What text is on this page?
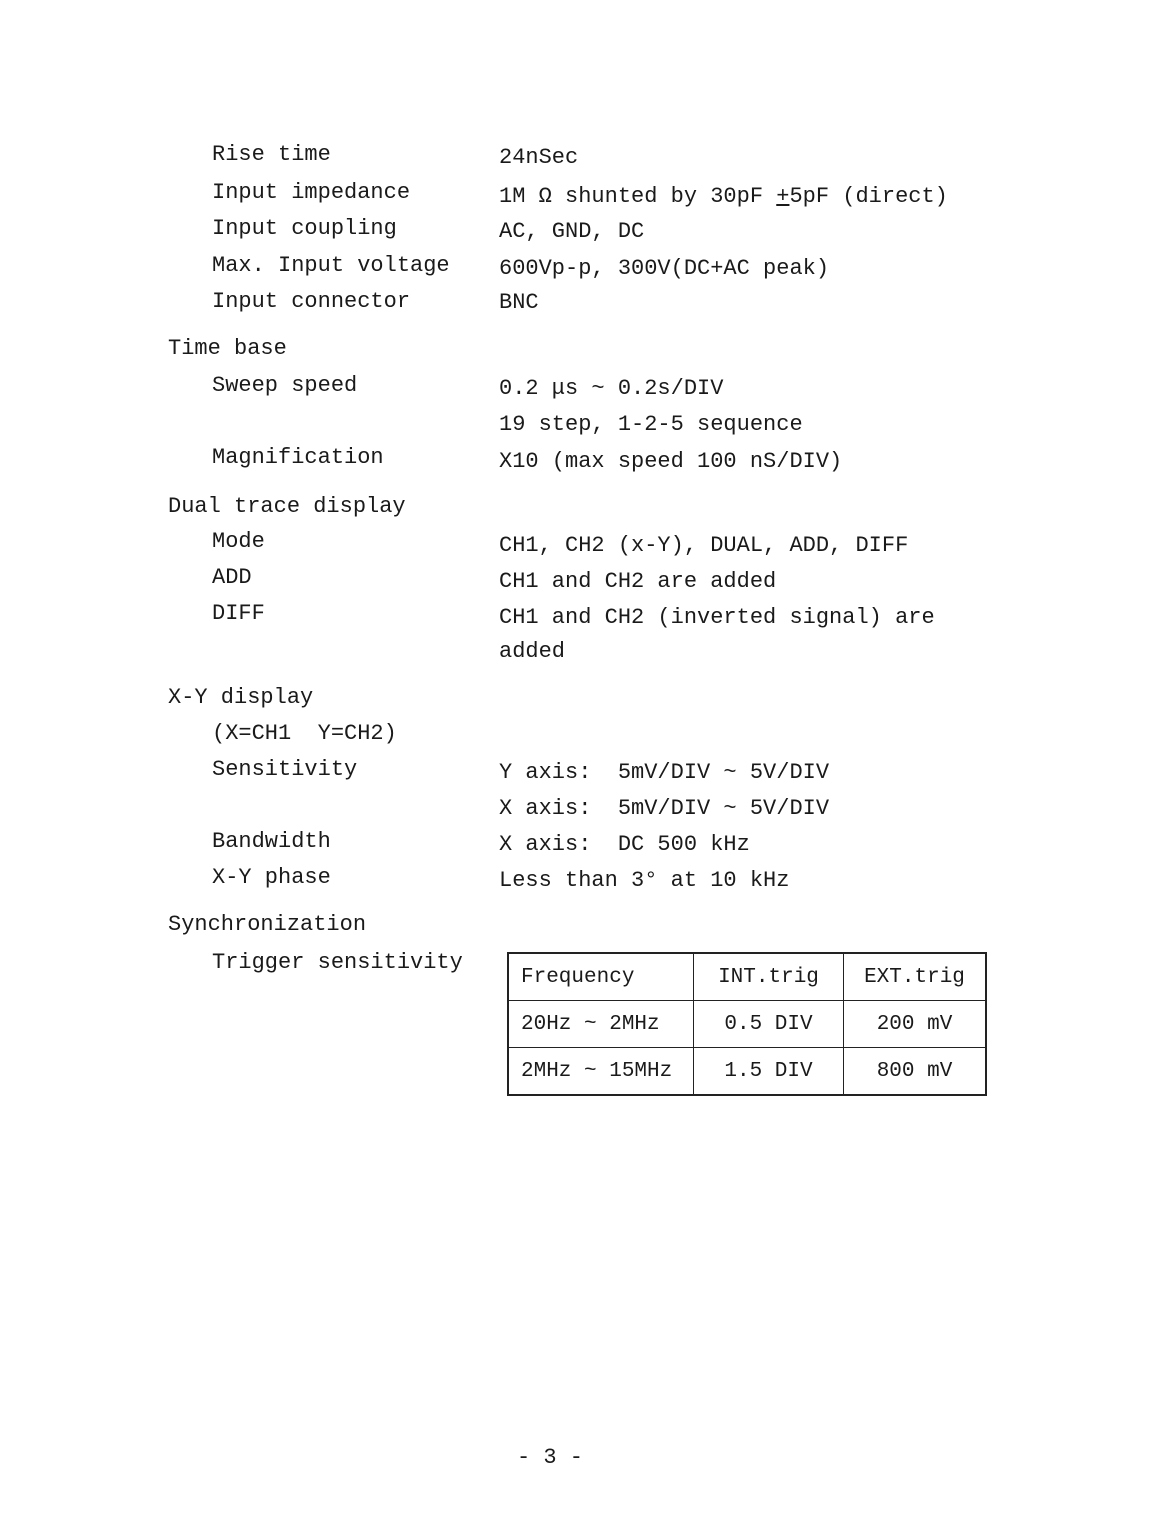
Rise time	24nSec
Input impedance	1M Ω shunted by 30pF +5pF (direct)
Input coupling	AC, GND, DC
Max. Input voltage 600Vp-p, 300V(DC+AC peak)
Input connector	BNC
Time base
Sweep speed	0.2 μs ~ 0.2s/DIV
19 step, 1-2-5 sequence
Magnification	X10 (max speed 100 nS/DIV)
Dual trace display
Mode	CH1, CH2 (x-Y), DUAL, ADD, DIFF
ADD	CH1 and CH2 are added
DIFF	CH1 and CH2 (inverted signal) are
added
X-Y display
(X=CH1  Y=CH2)
Sensitivity	Y axis:  5mV/DIV ~ 5V/DIV
X axis:  5mV/DIV ~ 5V/DIV
Bandwidth	X axis:  DC 500 kHz
X-Y phase	Less than 3° at 10 kHz
Synchronization
Trigger sensitivity
Frequency	INT.trig	EXT.trig
20Hz ~ 2MHz	0.5 DIV	200 mV
2MHz ~ 15MHz	1.5 DIV	800 mV
- 3 -
